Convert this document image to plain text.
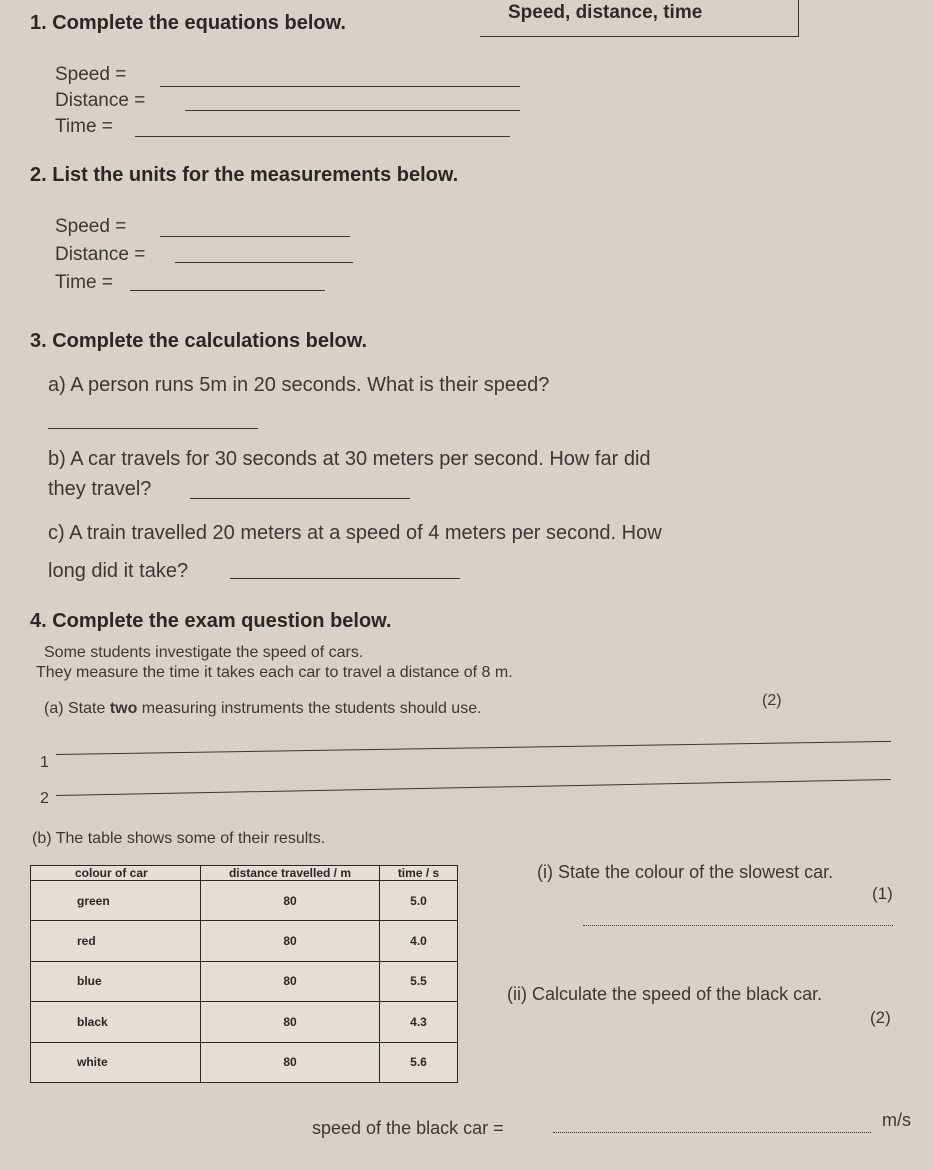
Speed, distance, time
1. Complete the equations below.
Speed =
Distance =
Time =
2. List the units for the measurements below.
Speed =
Distance =
Time =
3. Complete the calculations below.
a) A person runs 5m in 20 seconds. What is their speed?
b) A car travels for 30 seconds at 30 meters per second. How far did
they travel?
c) A train travelled 20 meters at a speed of 4 meters per second. How
long did it take?
4. Complete the exam question below.
Some students investigate the speed of cars.
They measure the time it takes each car to travel a distance of 8 m.
(a) State two measuring instruments the students should use.	(2)
1
2
(b) The table shows some of their results.
colour of car	distance travelled / m	time / s
green	80	5.0
red	80	4.0
blue	80	5.5
black	80	4.3
white	80	5.6
(i) State the colour of the slowest car.
(1)
(ii) Calculate the speed of the black car.
(2)
speed of the black car =	m/s
